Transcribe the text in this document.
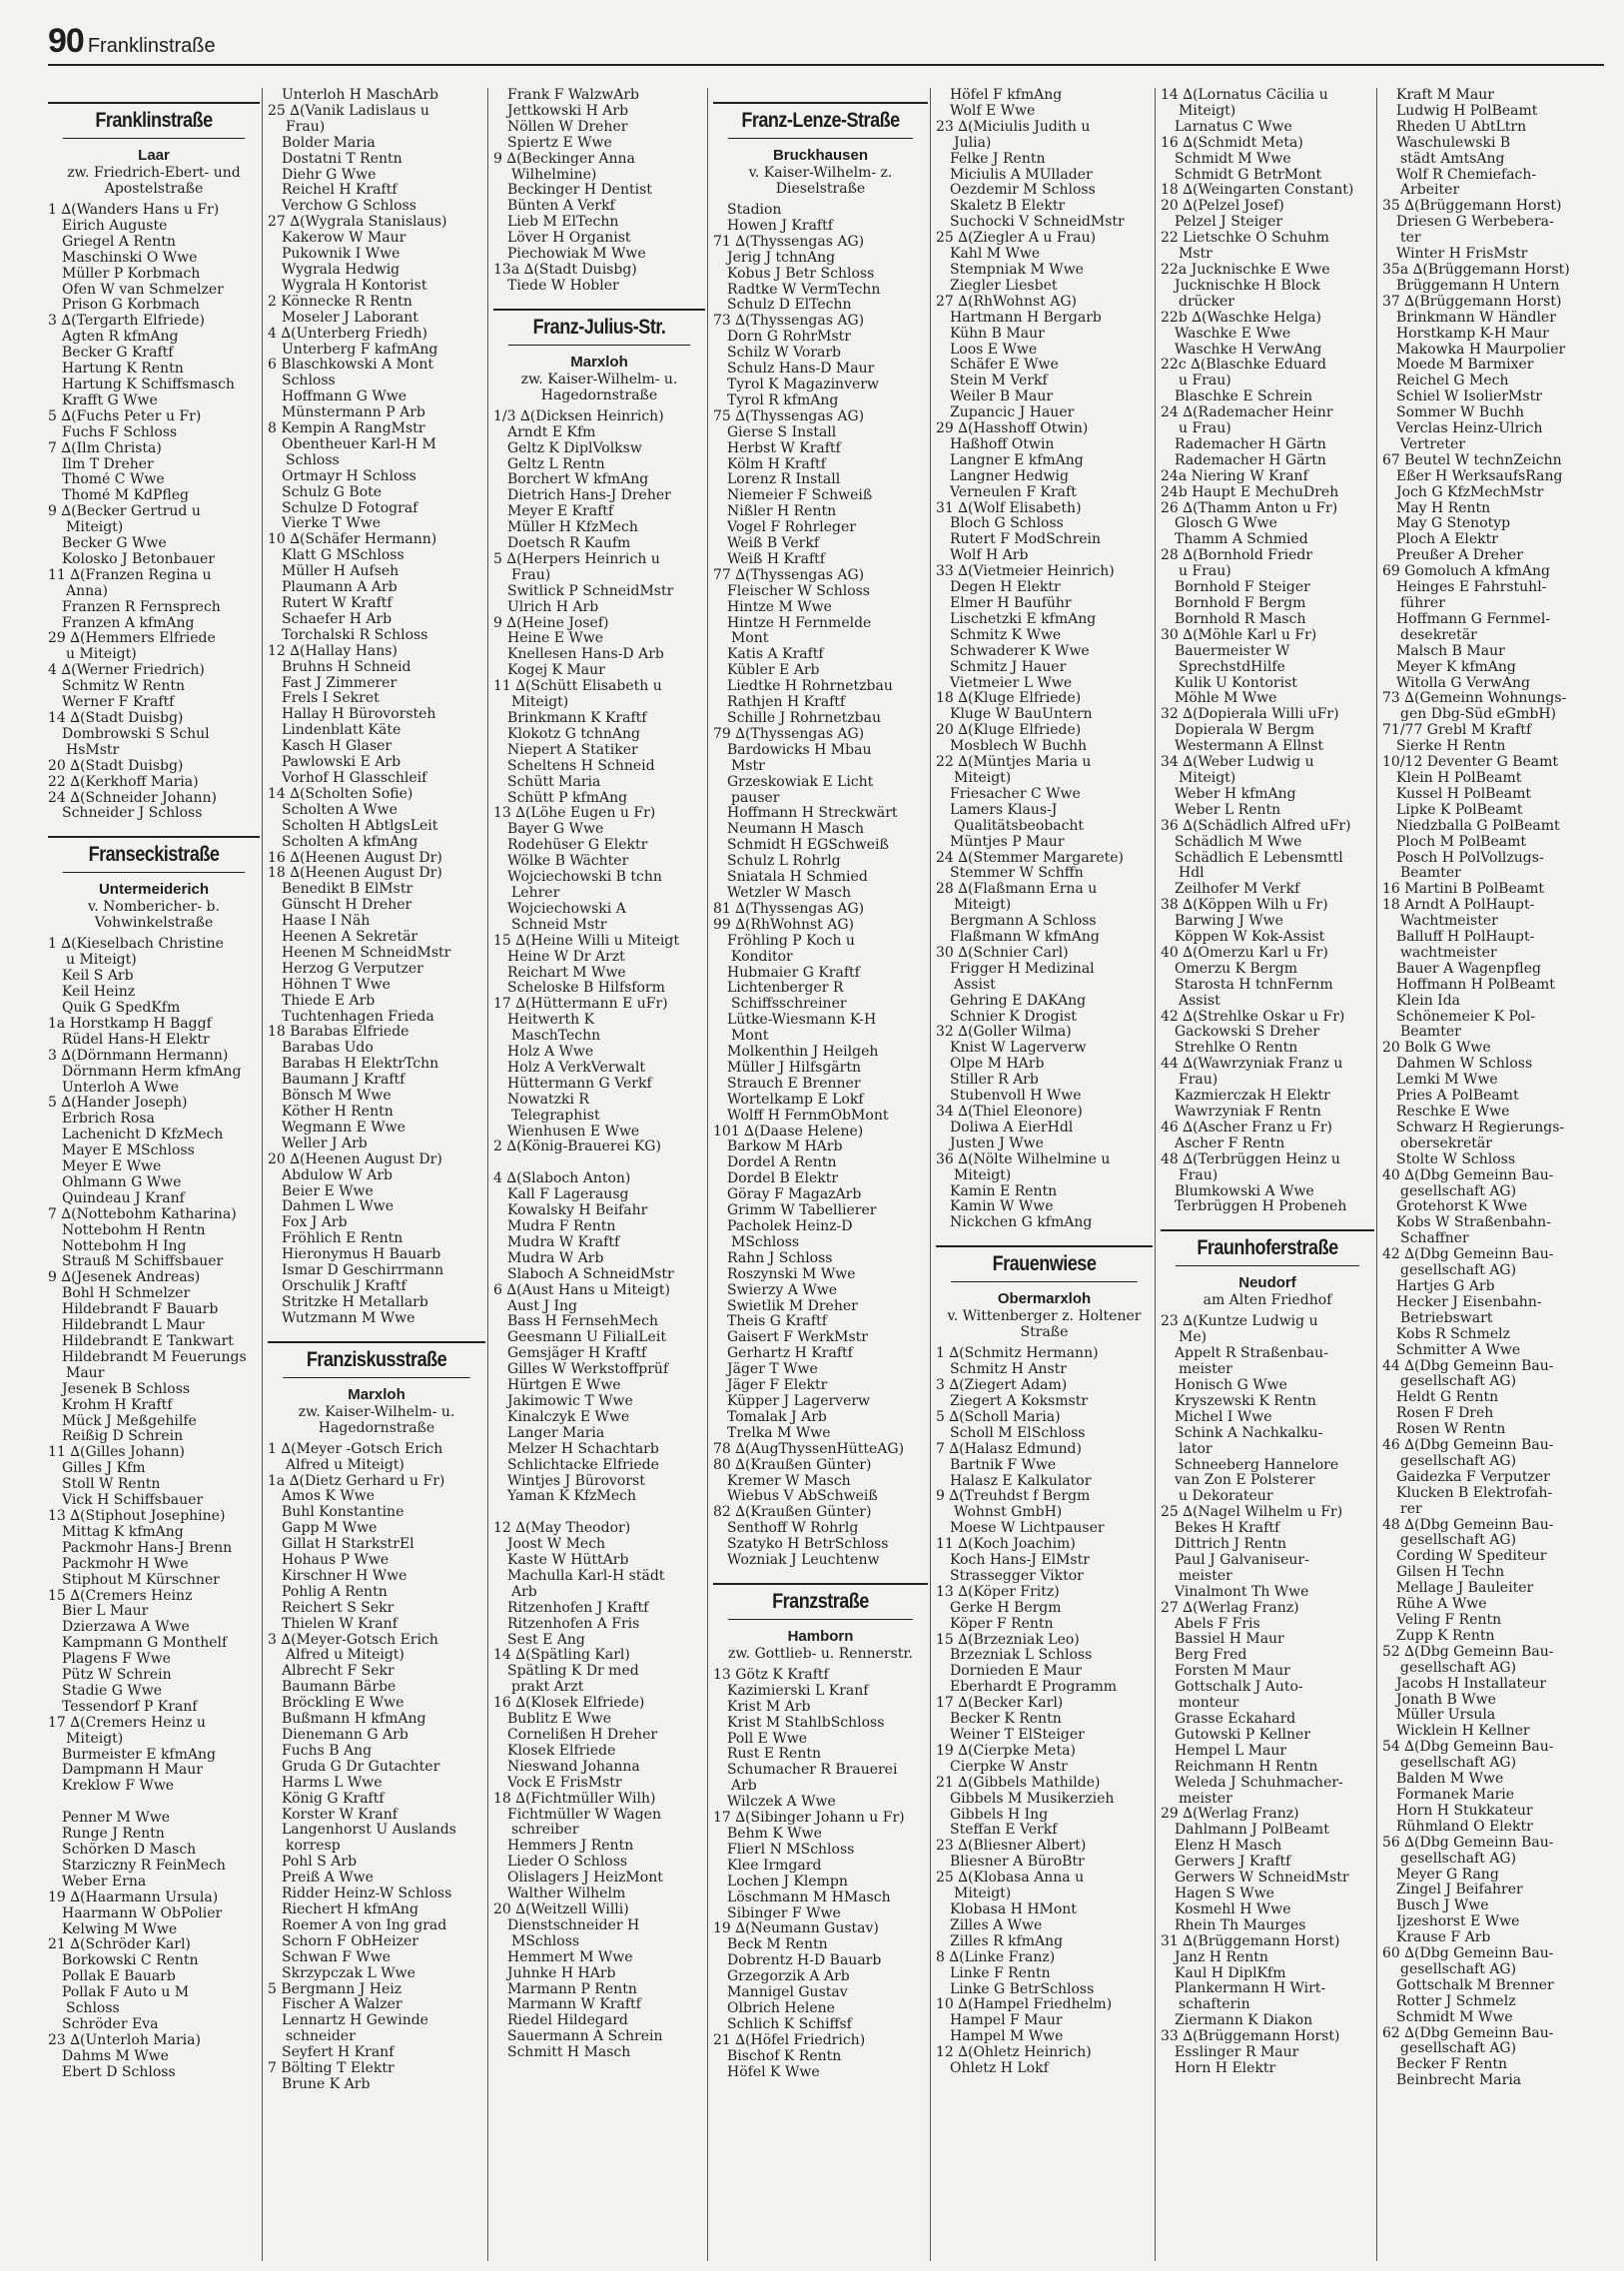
90 Franklinstraße
Franklinstraße
Laar
zw. Friedrich-Ebert- und Apostelstraße
1 ∆(Wanders Hans u Fr)
Eirich Auguste
Griegel A Rentn
Maschinski O Wwe
Müller P Korbmach
Ofen W van Schmelzer
Prison G Korbmach
3 ∆(Tergarth Elfriede)
Agten R kfmAng
Becker G Kraftf
Hartung K Rentn
Hartung K Schiffsmasch
Krafft G Wwe
5 ∆(Fuchs Peter u Fr)
Fuchs F Schloss
7 ∆(Ilm Christa)
Ilm T Dreher
Thomé C Wwe
Thomé M KdPfleg
9 ∆(Becker Gertrud u
Miteigt)
Becker G Wwe
Kolosko J Betonbauer
11 ∆(Franzen Regina u
Anna)
Franzen R Fernsprech
Franzen A kfmAng
29 ∆(Hemmers Elfriede
u Miteigt)
4 ∆(Werner Friedrich)
Schmitz W Rentn
Werner F Kraftf
14 ∆(Stadt Duisbg)
Dombrowski S Schul
HsMstr
20 ∆(Stadt Duisbg)
22 ∆(Kerkhoff Maria)
24 ∆(Schneider Johann)
Schneider J Schloss
Franseckistraße
Untermeiderich
v. Nombericher- b. Vohwinkelstraße
1 ∆(Kieselbach Christine
u Miteigt)
Keil S Arb
Keil Heinz
Quik G SpedKfm
1a Horstkamp H Baggf
Rüdel Hans-H Elektr
3 ∆(Dörnmann Hermann)
Dörnmann Herm kfmAng
Unterloh A Wwe
5 ∆(Hander Joseph)
Erbrich Rosa
Lachenicht D KfzMech
Mayer E MSchloss
Meyer E Wwe
Ohlmann G Wwe
Quindeau J Kranf
7 ∆(Nottebohm Katharina)
Nottebohm H Rentn
Nottebohm H Ing
Strauß M Schiffsbauer
9 ∆(Jesenek Andreas)
Bohl H Schmelzer
Hildebrandt F Bauarb
Hildebrandt L Maur
Hildebrandt E Tankwart
Hildebrandt M Feuerungs
Maur
Jesenek B Schloss
Krohm H Kraftf
Mück J Meßgehilfe
Reißig D Schrein
11 ∆(Gilles Johann)
Gilles J Kfm
Stoll W Rentn
Vick H Schiffsbauer
13 ∆(Stiphout Josephine)
Mittag K kfmAng
Packmohr Hans-J Brenn
Packmohr H Wwe
Stiphout M Kürschner
15 ∆(Cremers Heinz
Bier L Maur
Dzierzawa A Wwe
Kampmann G Monthelf
Plagens F Wwe
Pütz W Schrein
Stadie G Wwe
Tessendorf P Kranf
17 ∆(Cremers Heinz u
Miteigt)
Burmeister E kfmAng
Dampmann H Maur
Kreklow F Wwe

Penner M Wwe
Runge J Rentn
Schörken D Masch
Starziczny R FeinMech
Weber Erna
19 ∆(Haarmann Ursula)
Haarmann W ObPolier
Kelwing M Wwe
21 ∆(Schröder Karl)
Borkowski C Rentn
Pollak E Bauarb
Pollak F Auto u M
Schloss
Schröder Eva
23 ∆(Unterloh Maria)
Dahms M Wwe
Ebert D Schloss
Unterloh H MaschArb
25 ∆(Vanik Ladislaus u
Frau)
Bolder Maria
Dostatni T Rentn
Diehr G Wwe
Reichel H Kraftf
Verchow G Schloss
27 ∆(Wygrala Stanislaus)
Kakerow W Maur
Pukownik I Wwe
Wygrala Hedwig
Wygrala H Kontorist
2 Könnecke R Rentn
Moseler J Laborant
4 ∆(Unterberg Friedh)
Unterberg F kafmAng
6 Blaschkowski A Mont
Schloss
Hoffmann G Wwe
Münstermann P Arb
8 Kempin A RangMstr
Obentheuer Karl-H M
Schloss
Ortmayr H Schloss
Schulz G Bote
Schulze D Fotograf
Vierke T Wwe
10 ∆(Schäfer Hermann)
Klatt G MSchloss
Müller H Aufseh
Plaumann A Arb
Rutert W Kraftf
Schaefer H Arb
Torchalski R Schloss
12 ∆(Hallay Hans)
Bruhns H Schneid
Fast J Zimmerer
Frels I Sekret
Hallay H Bürovorsteh
Lindenblatt Käte
Kasch H Glaser
Pawlowski E Arb
Vorhof H Glasschleif
14 ∆(Scholten Sofie)
Scholten A Wwe
Scholten H AbtlgsLeit
Scholten A kfmAng
16 ∆(Heenen August Dr)
18 ∆(Heenen August Dr)
Benedikt B ElMstr
Günscht H Dreher
Haase I Näh
Heenen A Sekretär
Heenen M SchneidMstr
Herzog G Verputzer
Höhnen T Wwe
Thiede E Arb
Tuchtenhagen Frieda
18 Barabas Elfriede
Barabas Udo
Barabas H ElektrTchn
Baumann J Kraftf
Bönsch M Wwe
Köther H Rentn
Wegmann E Wwe
Weller J Arb
20 ∆(Heenen August Dr)
Abdulow W Arb
Beier E Wwe
Dahmen L Wwe
Fox J Arb
Fröhlich E Rentn
Hieronymus H Bauarb
Ismar D Geschirrmann
Orschulik J Kraftf
Stritzke H Metallarb
Wutzmann M Wwe
Franziskusstraße
Marxloh
zw. Kaiser-Wilhelm- u. Hagedornstraße
1 ∆(Meyer -Gotsch Erich
Alfred u Miteigt)
1a ∆(Dietz Gerhard u Fr)
Amos K Wwe
Buhl Konstantine
Gapp M Wwe
Gillat H StarkstrEl
Hohaus P Wwe
Kirschner H Wwe
Pohlig A Rentn
Reichert S Sekr
Thielen W Kranf
3 ∆(Meyer-Gotsch Erich
Alfred u Miteigt)
Albrecht F Sekr
Baumann Bärbe
Bröckling E Wwe
Bußmann H kfmAng
Dienemann G Arb
Fuchs B Ang
Gruda G Dr Gutachter
Harms L Wwe
König G Kraftf
Korster W Kranf
Langenhorst U Auslands
korresp
Pohl S Arb
Preiß A Wwe
Ridder Heinz-W Schloss
Riechert H kfmAng
Roemer A von Ing grad
Schorn F ObHeizer
Schwan F Wwe
Skrzypczak L Wwe
5 Bergmann J Heiz
Fischer A Walzer
Lennartz H Gewinde
schneider
Seyfert H Kranf
7 Bölting T Elektr
Brune K Arb
Frank F WalzwArb
Jettkowski H Arb
Nöllen W Dreher
Spiertz E Wwe
9 ∆(Beckinger Anna
Wilhelmine)
Beckinger H Dentist
Bünten A Verkf
Lieb M ElTechn
Löver H Organist
Piechowiak M Wwe
13a ∆(Stadt Duisbg)
Tiede W Hobler
Franz-Julius-Str.
Marxloh
zw. Kaiser-Wilhelm- u. Hagedornstraße
1/3 ∆(Dicksen Heinrich)
Arndt E Kfm
Geltz K DiplVolksw
Geltz L Rentn
Borchert W kfmAng
Dietrich Hans-J Dreher
Meyer E Kraftf
Müller H KfzMech
Doetsch R Kaufm
5 ∆(Herpers Heinrich u
Frau)
Switlick P SchneidMstr
Ulrich H Arb
9 ∆(Heine Josef)
Heine E Wwe
Knellesen Hans-D Arb
Kogej K Maur
11 ∆(Schütt Elisabeth u
Miteigt)
Brinkmann K Kraftf
Klokotz G tchnAng
Niepert A Statiker
Scheltens H Schneid
Schütt Maria
Schütt P kfmAng
13 ∆(Löhe Eugen u Fr)
Bayer G Wwe
Rodehüser G Elektr
Wölke B Wächter
Wojciechowski B tchn
Lehrer
Wojciechowski A
Schneid Mstr
15 ∆(Heine Willi u Miteigt
Heine W Dr Arzt
Reichart M Wwe
Scheloske B Hilfsform
17 ∆(Hüttermann E uFr)
Heitwerth K
MaschTechn
Holz A Wwe
Holz A VerkVerwalt
Hüttermann G Verkf
Nowatzki R
Telegraphist
Wienhusen E Wwe
2 ∆(König-Brauerei KG)

4 ∆(Slaboch Anton)
Kall F Lagerausg
Kowalsky H Beifahr
Mudra F Rentn
Mudra W Kraftf
Mudra W Arb
Slaboch A SchneidMstr
6 ∆(Aust Hans u Miteigt)
Aust J Ing
Bass H FernsehMech
Geesmann U FilialLeit
Gemsjäger H Kraftf
Gilles W Werkstoffprüf
Hürtgen E Wwe
Jakimowic T Wwe
Kinalczyk E Wwe
Langer Maria
Melzer H Schachtarb
Schlichtacke Elfriede
Wintjes J Bürovorst
Yaman K KfzMech

12 ∆(May Theodor)
Joost W Mech
Kaste W HüttArb
Machulla Karl-H städt
Arb
Ritzenhofen J Kraftf
Ritzenhofen A Fris
Sest E Ang
14 ∆(Spätling Karl)
Spätling K Dr med
prakt Arzt
16 ∆(Klosek Elfriede)
Bublitz E Wwe
Cornelißen H Dreher
Klosek Elfriede
Nieswand Johanna
Vock E FrisMstr
18 ∆(Fichtmüller Wilh)
Fichtmüller W Wagen
schreiber
Hemmers J Rentn
Lieder O Schloss
Olislagers J HeizMont
Walther Wilhelm
20 ∆(Weitzell Willi)
Dienstschneider H
MSchloss
Hemmert M Wwe
Juhnke H HArb
Marmann P Rentn
Marmann W Kraftf
Riedel Hildegard
Sauermann A Schrein
Schmitt H Masch
Franz-Lenze-Straße
Bruckhausen
v. Kaiser-Wilhelm- z. Dieselstraße
Stadion
Howen J Kraftf
71 ∆(Thyssengas AG)
Jerig J tchnAng
Kobus J Betr Schloss
Radtke W VermTechn
Schulz D ElTechn
73 ∆(Thyssengas AG)
Dorn G RohrMstr
Schilz W Vorarb
Schulz Hans-D Maur
Tyrol K Magazinverw
Tyrol R kfmAng
75 ∆(Thyssengas AG)
Gierse S Install
Herbst W Kraftf
Kölm H Kraftf
Lorenz R Install
Niemeier F Schweiß
Nißler H Rentn
Vogel F Rohrleger
Weiß B Verkf
Weiß H Kraftf
77 ∆(Thyssengas AG)
Fleischer W Schloss
Hintze M Wwe
Hintze H Fernmelde
Mont
Katis A Kraftf
Kübler E Arb
Liedtke H Rohrnetzbau
Rathjen H Kraftf
Schille J Rohrnetzbau
79 ∆(Thyssengas AG)
Bardowicks H Mbau
Mstr
Grzeskowiak E Licht
pauser
Hoffmann H Streckwärt
Neumann H Masch
Schmidt H EGSchweiß
Schulz L Rohrlg
Sniatala H Schmied
Wetzler W Masch
81 ∆(Thyssengas AG)
99 ∆(RhWohnst AG)
Fröhling P Koch u
Konditor
Hubmaier G Kraftf
Lichtenberger R
Schiffsschreiner
Lütke-Wiesmann K-H
Mont
Molkenthin J Heilgeh
Müller J Hilfsgärtn
Strauch E Brenner
Wortelkamp E Lokf
Wolff H FernmObMont
101 ∆(Daase Helene)
Barkow M HArb
Dordel A Rentn
Dordel B Elektr
Göray F MagazArb
Grimm W Tabellierer
Pacholek Heinz-D
MSchloss
Rahn J Schloss
Roszynski M Wwe
Swierzy A Wwe
Swietlik M Dreher
Theis G Kraftf
Gaisert F WerkMstr
Gerhartz H Kraftf
Jäger T Wwe
Jäger F Elektr
Küpper J Lagerverw
Tomalak J Arb
Trelka M Wwe
78 ∆(AugThyssenHütteAG)
80 ∆(Kraußen Günter)
Kremer W Masch
Wiebus V AbSchweiß
82 ∆(Kraußen Günter)
Senthoff W Rohrlg
Szatyko H BetrSchloss
Wozniak J Leuchtenw
Franzstraße
Hamborn
zw. Gottlieb- u. Rennerstr.
13 Götz K Kraftf
Kazimierski L Kranf
Krist M Arb
Krist M StahlbSchloss
Poll E Wwe
Rust E Rentn
Schumacher R Brauerei
Arb
Wilczek A Wwe
17 ∆(Sibinger Johann u Fr)
Behm K Wwe
Flierl N MSchloss
Klee Irmgard
Lochen J Klempn
Löschmann M HMasch
Sibinger F Wwe
19 ∆(Neumann Gustav)
Beck M Rentn
Dobrentz H-D Bauarb
Grzegorzik A Arb
Mannigel Gustav
Olbrich Helene
Schlich K Schiffsf
21 ∆(Höfel Friedrich)
Bischof K Rentn
Höfel K Wwe
Höfel F kfmAng
Wolf E Wwe
23 ∆(Miciulis Judith u
Julia)
Felke J Rentn
Miciulis A MÜllader
Oezdemir M Schloss
Skaletz B Elektr
Suchocki V SchneidMstr
25 ∆(Ziegler A u Frau)
Kahl M Wwe
Stempniak M Wwe
Ziegler Liesbet
27 ∆(RhWohnst AG)
Hartmann H Bergarb
Kühn B Maur
Loos E Wwe
Schäfer E Wwe
Stein M Verkf
Weiler B Maur
Zupancic J Hauer
29 ∆(Hasshoff Otwin)
Haßhoff Otwin
Langner E kfmAng
Langner Hedwig
Verneulen F Kraft
31 ∆(Wolf Elisabeth)
Bloch G Schloss
Rutert F ModSchrein
Wolf H Arb
33 ∆(Vietmeier Heinrich)
Degen H Elektr
Elmer H Bauführ
Lischetzki E kfmAng
Schmitz K Wwe
Schwaderer K Wwe
Schmitz J Hauer
Vietmeier L Wwe
18 ∆(Kluge Elfriede)
Kluge W BauUntern
20 ∆(Kluge Elfriede)
Mosblech W Buchh
22 ∆(Müntjes Maria u
Miteigt)
Friesacher C Wwe
Lamers Klaus-J
Qualitätsbeobacht
Müntjes P Maur
24 ∆(Stemmer Margarete)
Stemmer W Schffn
28 ∆(Flaßmann Erna u
Miteigt)
Bergmann A Schloss
Flaßmann W kfmAng
30 ∆(Schnier Carl)
Frigger H Medizinal
Assist
Gehring E DAKAng
Schnier K Drogist
32 ∆(Goller Wilma)
Knist W Lagerverw
Olpe M HArb
Stiller R Arb
Stubenvoll H Wwe
34 ∆(Thiel Eleonore)
Doliwa A EierHdl
Justen J Wwe
36 ∆(Nölte Wilhelmine u
Miteigt)
Kamin E Rentn
Kamin W Wwe
Nickchen G kfmAng
Frauenwiese
Obermarxloh
v. Wittenberger z. Holtener Straße
1 ∆(Schmitz Hermann)
Schmitz H Anstr
3 ∆(Ziegert Adam)
Ziegert A Koksmstr
5 ∆(Scholl Maria)
Scholl M ElSchloss
7 ∆(Halasz Edmund)
Bartnik F Wwe
Halasz E Kalkulator
9 ∆(Treuhdst f Bergm
Wohnst GmbH)
Moese W Lichtpauser
11 ∆(Koch Joachim)
Koch Hans-J ElMstr
Strassegger Viktor
13 ∆(Köper Fritz)
Gerke H Bergm
Köper F Rentn
15 ∆(Brzezniak Leo)
Brzezniak L Schloss
Dornieden E Maur
Eberhardt E Programm
17 ∆(Becker Karl)
Becker K Rentn
Weiner T ElSteiger
19 ∆(Cierpke Meta)
Cierpke W Anstr
21 ∆(Gibbels Mathilde)
Gibbels M Musikerzieh
Gibbels H Ing
Steffan E Verkf
23 ∆(Bliesner Albert)
Bliesner A BüroBtr
25 ∆(Klobasa Anna u
Miteigt)
Klobasa H HMont
Zilles A Wwe
Zilles R kfmAng
8 ∆(Linke Franz)
Linke F Rentn
Linke G BetrSchloss
10 ∆(Hampel Friedhelm)
Hampel F Maur
Hampel M Wwe
12 ∆(Ohletz Heinrich)
Ohletz H Lokf
14 ∆(Lornatus Cäcilia u
Miteigt)
Larnatus C Wwe
16 ∆(Schmidt Meta)
Schmidt M Wwe
Schmidt G BetrMont
18 ∆(Weingarten Constant)
20 ∆(Pelzel Josef)
Pelzel J Steiger
22 Lietschke O Schuhm
Mstr
22a Jucknischke E Wwe
Jucknischke H Block
drücker
22b ∆(Waschke Helga)
Waschke E Wwe
Waschke H VerwAng
22c ∆(Blaschke Eduard
u Frau)
Blaschke E Schrein
24 ∆(Rademacher Heinr
u Frau)
Rademacher H Gärtn
Rademacher H Gärtn
24a Niering W Kranf
24b Haupt E MechuDreh
26 ∆(Thamm Anton u Fr)
Glosch G Wwe
Thamm A Schmied
28 ∆(Bornhold Friedr
u Frau)
Bornhold F Steiger
Bornhold F Bergm
Bornhold R Masch
30 ∆(Möhle Karl u Fr)
Bauermeister W
SprechstdHilfe
Kulik U Kontorist
Möhle M Wwe
32 ∆(Dopierala Willi uFr)
Dopierala W Bergm
Westermann A Ellnst
34 ∆(Weber Ludwig u
Miteigt)
Weber H kfmAng
Weber L Rentn
36 ∆(Schädlich Alfred uFr)
Schädlich M Wwe
Schädlich E Lebensmttl
Hdl
Zeilhofer M Verkf
38 ∆(Köppen Wilh u Fr)
Barwing J Wwe
Köppen W Kok-Assist
40 ∆(Omerzu Karl u Fr)
Omerzu K Bergm
Starosta H tchnFernm
Assist
42 ∆(Strehlke Oskar u Fr)
Gackowski S Dreher
Strehlke O Rentn
44 ∆(Wawrzyniak Franz u
Frau)
Kazmierczak H Elektr
Wawrzyniak F Rentn
46 ∆(Ascher Franz u Fr)
Ascher F Rentn
48 ∆(Terbrüggen Heinz u
Frau)
Blumkowski A Wwe
Terbrüggen H Probeneh
Fraunhoferstraße
Neudorf
am Alten Friedhof
23 ∆(Kuntze Ludwig u
Me)
Appelt R Straßenbau-
meister
Honisch G Wwe
Kryszewski K Rentn
Michel I Wwe
Schink A Nachkalku-
lator
Schneeberg Hannelore
van Zon E Polsterer
u Dekorateur
25 ∆(Nagel Wilhelm u Fr)
Bekes H Kraftf
Dittrich J Rentn
Paul J Galvaniseur-
meister
Vinalmont Th Wwe
27 ∆(Werlag Franz)
Abels F Fris
Bassiel H Maur
Berg Fred
Forsten M Maur
Gottschalk J Auto-
monteur
Grasse Eckahard
Gutowski P Kellner
Hempel L Maur
Reichmann H Rentn
Weleda J Schuhmacher-
meister
29 ∆(Werlag Franz)
Dahlmann J PolBeamt
Elenz H Masch
Gerwers J Kraftf
Gerwers W SchneidMstr
Hagen S Wwe
Kosmehl H Wwe
Rhein Th Maurges
31 ∆(Brüggemann Horst)
Janz H Rentn
Kaul H DiplKfm
Plankermann H Wirt-
schafterin
Ziermann K Diakon
33 ∆(Brüggemann Horst)
Esslinger R Maur
Horn H Elektr
Kraft M Maur
Ludwig H PolBeamt
Rheden U AbtLtrn
Waschulewski B
städt AmtsAng
Wolf R Chemiefach-
Arbeiter
35 ∆(Brüggemann Horst)
Driesen G Werbebera-
ter
Winter H FrisMstr
35a ∆(Brüggemann Horst)
Brüggemann H Untern
37 ∆(Brüggemann Horst)
Brinkmann W Händler
Horstkamp K-H Maur
Makowka H Maurpolier
Moede M Barmixer
Reichel G Mech
Schiel W IsolierMstr
Sommer W Buchh
Verclas Heinz-Ulrich
Vertreter
67 Beutel W technZeichn
Eßer H WerksaufsRang
Joch G KfzMechMstr
May H Rentn
May G Stenotyp
Ploch A Elektr
Preußer A Dreher
69 Gomoluch A kfmAng
Heinges E Fahrstuhl-
führer
Hoffmann G Fernmel-
desekretär
Malsch B Maur
Meyer K kfmAng
Witolla G VerwAng
73 ∆(Gemeinn Wohnungs-
gen Dbg-Süd eGmbH)
71/77 Grebl M Kraftf
Sierke H Rentn
10/12 Deventer G Beamt
Klein H PolBeamt
Kussel H PolBeamt
Lipke K PolBeamt
Niedzballa G PolBeamt
Ploch M PolBeamt
Posch H PolVollzugs-
Beamter
16 Martini B PolBeamt
18 Arndt A PolHaupt-
Wachtmeister
Balluff H PolHaupt-
wachtmeister
Bauer A Wagenpfleg
Hoffmann H PolBeamt
Klein Ida
Schönemeier K Pol-
Beamter
20 Bolk G Wwe
Dahmen W Schloss
Lemki M Wwe
Pries A PolBeamt
Reschke E Wwe
Schwarz H Regierungs-
obersekretär
Stolte W Schloss
40 ∆(Dbg Gemeinn Bau-
gesellschaft AG)
Grotehorst K Wwe
Kobs W Straßenbahn-
Schaffner
42 ∆(Dbg Gemeinn Bau-
gesellschaft AG)
Hartjes G Arb
Hecker J Eisenbahn-
Betriebswart
Kobs R Schmelz
Schmitter A Wwe
44 ∆(Dbg Gemeinn Bau-
gesellschaft AG)
Heldt G Rentn
Rosen F Dreh
Rosen W Rentn
46 ∆(Dbg Gemeinn Bau-
gesellschaft AG)
Gaidezka F Verputzer
Klucken B Elektrofah-
rer
48 ∆(Dbg Gemeinn Bau-
gesellschaft AG)
Cording W Spediteur
Gilsen H Techn
Mellage J Bauleiter
Rühe A Wwe
Veling F Rentn
Zupp K Rentn
52 ∆(Dbg Gemeinn Bau-
gesellschaft AG)
Jacobs H Installateur
Jonath B Wwe
Müller Ursula
Wicklein H Kellner
54 ∆(Dbg Gemeinn Bau-
gesellschaft AG)
Balden M Wwe
Formanek Marie
Horn H Stukkateur
Rühmland O Elektr
56 ∆(Dbg Gemeinn Bau-
gesellschaft AG)
Meyer G Rang
Zingel J Beifahrer
Busch J Wwe
Ijzeshorst E Wwe
Krause F Arb
60 ∆(Dbg Gemeinn Bau-
gesellschaft AG)
Gottschalk M Brenner
Rotter J Schmelz
Schmidt M Wwe
62 ∆(Dbg Gemeinn Bau-
gesellschaft AG)
Becker F Rentn
Beinbrecht Maria
